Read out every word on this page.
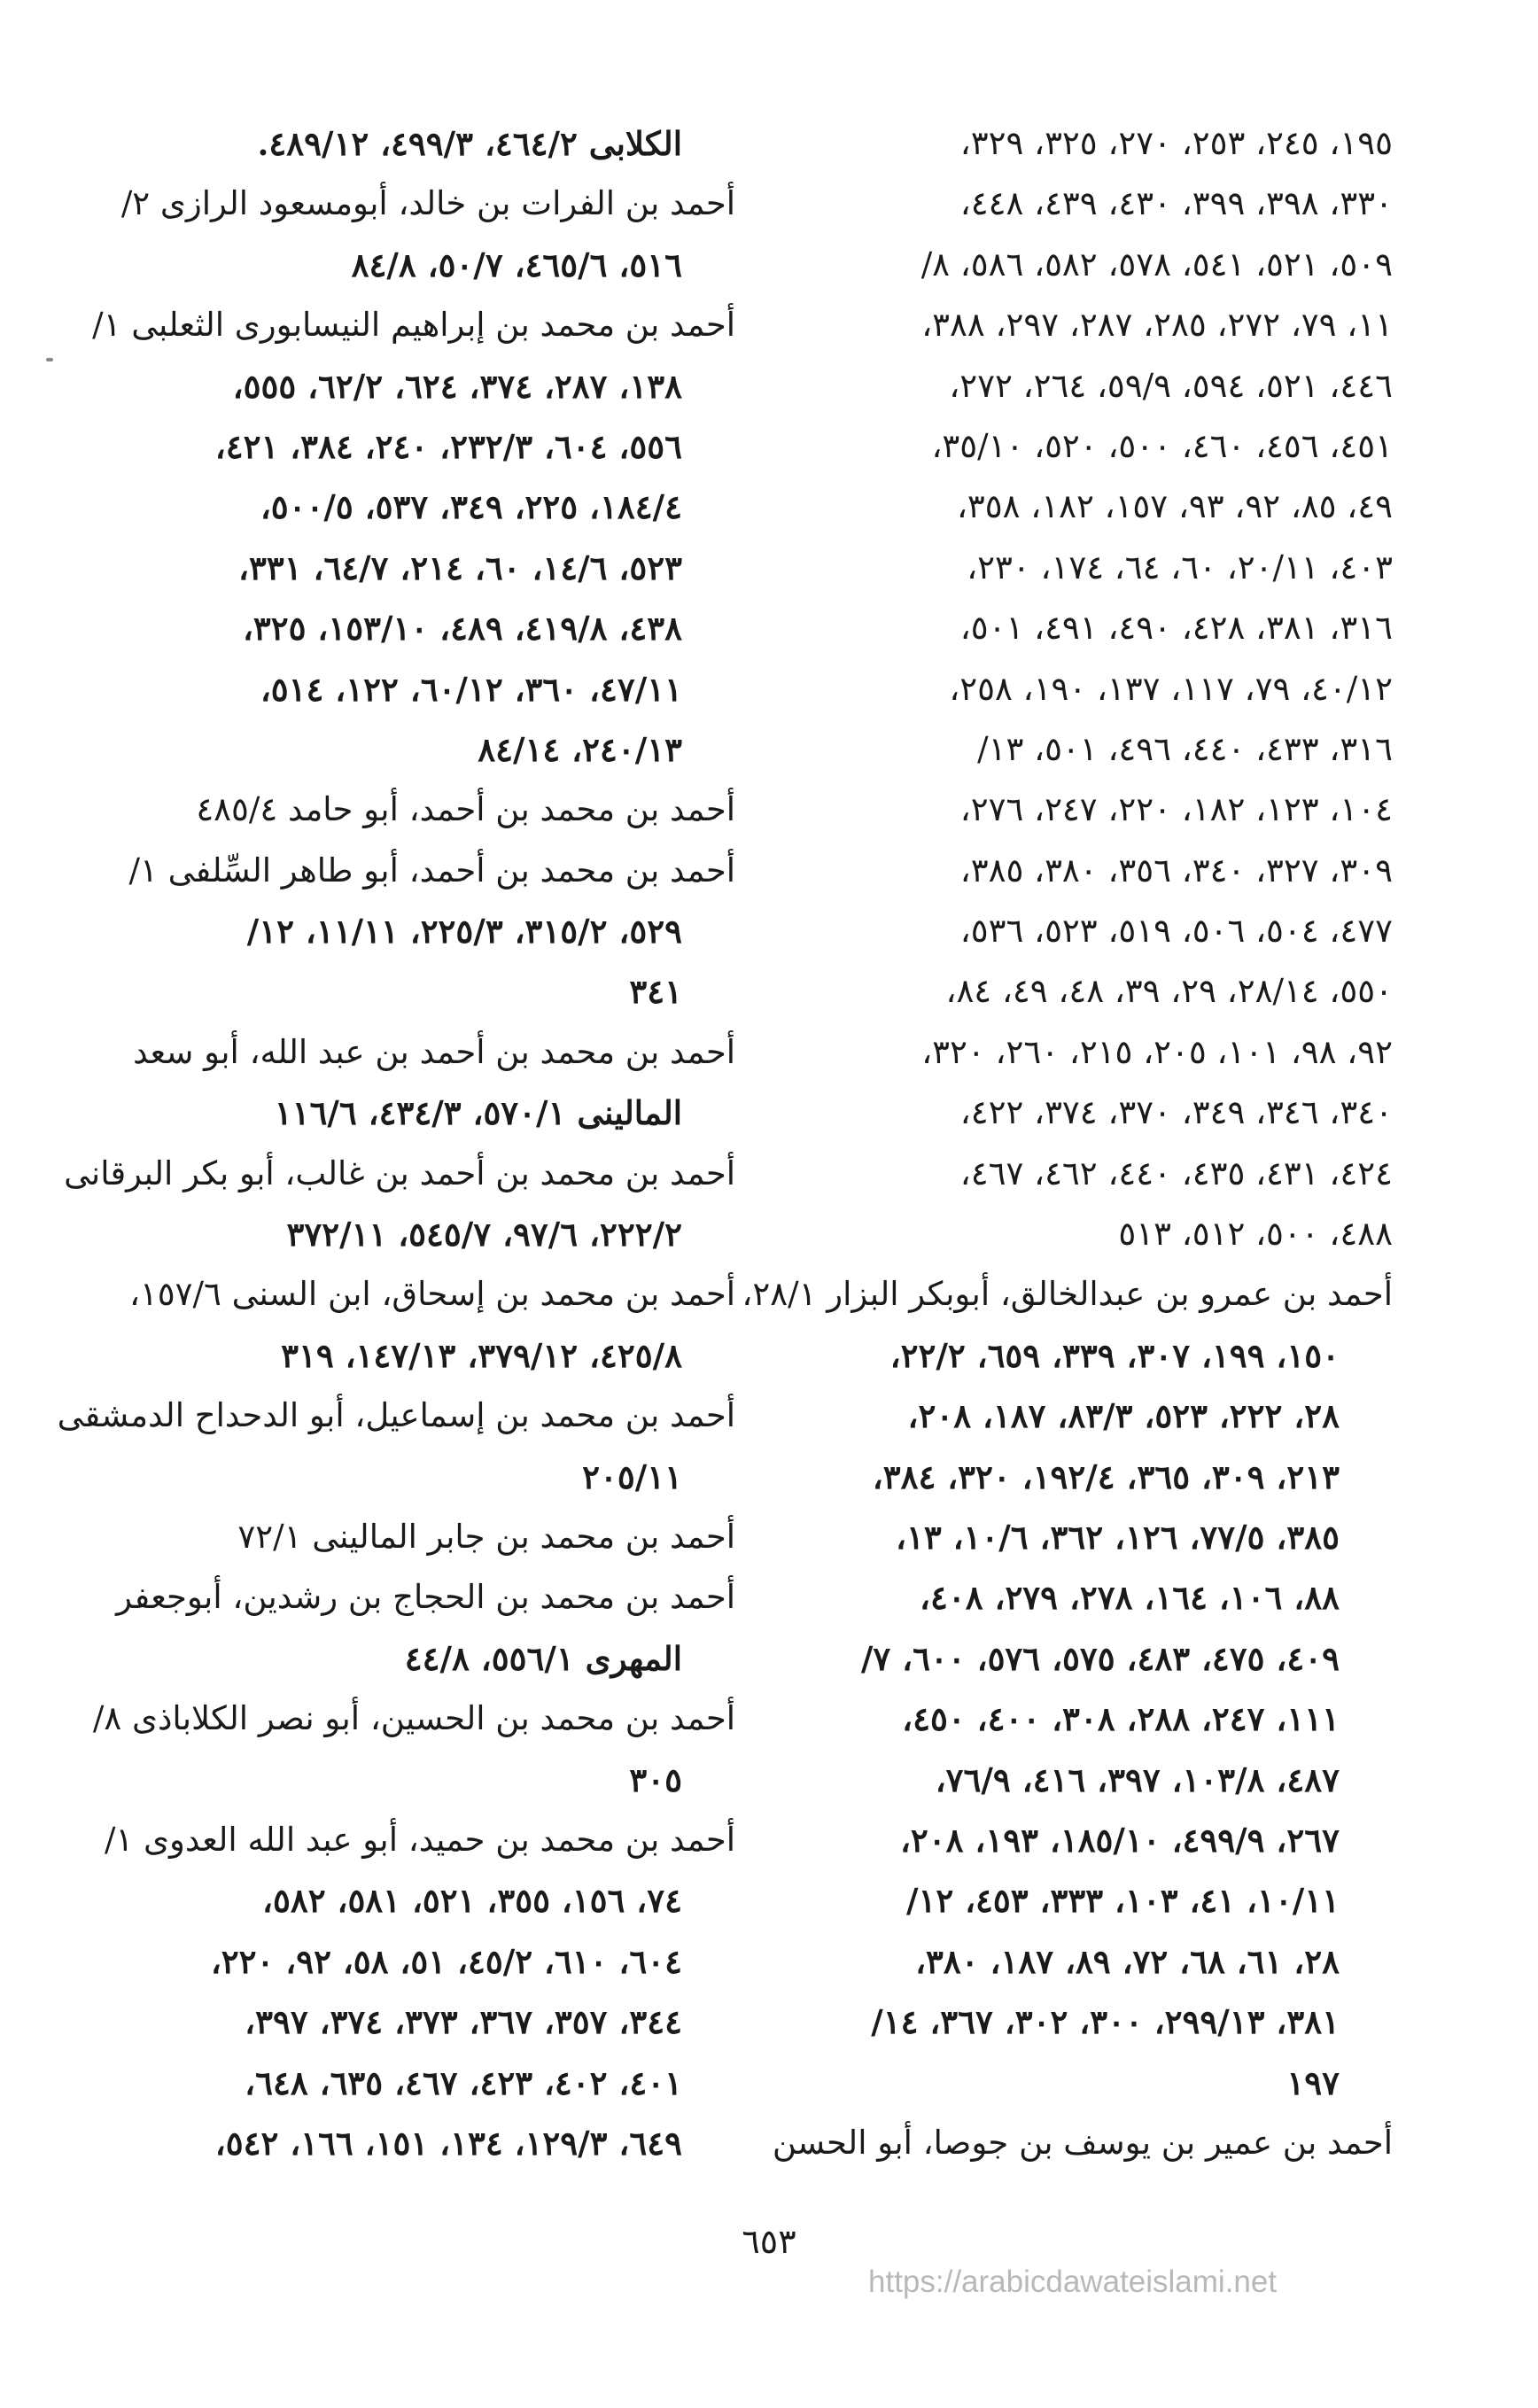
١٩٥، ٢٤٥، ٢٥٣، ٢٧٠، ٣٢٥، ٣٢٩،
٣٣٠، ٣٩٨، ٣٩٩، ٤٣٠، ٤٣٩، ٤٤٨،
٥٠٩، ٥٢١، ٥٤١، ٥٧٨، ٥٨٢، ٥٨٦، ٨/
١١، ٧٩، ٢٧٢، ٢٨٥، ٢٨٧، ٢٩٧، ٣٨٨،
٤٤٦، ٥٢١، ٥٩٤، ٥٩/٩، ٢٦٤، ٢٧٢،
٤٥١، ٤٥٦، ٤٦٠، ٥٠٠، ٥٢٠، ٣٥/١٠،
٤٩، ٨٥، ٩٢، ٩٣، ١٥٧، ١٨٢، ٣٥٨،
٤٠٣، ٢٠/١١، ٦٠، ٦٤، ١٧٤، ٢٣٠،
٣١٦، ٣٨١، ٤٢٨، ٤٩٠، ٤٩١، ٥٠١،
٤٠/١٢، ٧٩، ١١٧، ١٣٧، ١٩٠، ٢٥٨،
٣١٦، ٤٣٣، ٤٤٠، ٤٩٦، ٥٠١، ١٣/
١٠٤، ١٢٣، ١٨٢، ٢٢٠، ٢٤٧، ٢٧٦،
٣٠٩، ٣٢٧، ٣٤٠، ٣٥٦، ٣٨٠، ٣٨٥،
٤٧٧، ٥٠٤، ٥٠٦، ٥١٩، ٥٢٣، ٥٣٦،
٥٥٠، ٢٨/١٤، ٢٩، ٣٩، ٤٨، ٤٩، ٨٤،
٩٢، ٩٨، ١٠١، ٢٠٥، ٢١٥، ٢٦٠، ٣٢٠،
٣٤٠، ٣٤٦، ٣٤٩، ٣٧٠، ٣٧٤، ٤٢٢،
٤٢٤، ٤٣١، ٤٣٥، ٤٤٠، ٤٦٢، ٤٦٧،
٤٨٨، ٥٠٠، ٥١٢، ٥١٣
أحمد بن عمرو بن عبدالخالق، أبوبكر البزار ٢٨/١،
١٥٠، ١٩٩، ٣٠٧، ٣٣٩، ٦٥٩، ٢٢/٢،
٢٨، ٢٢٢، ٥٢٣، ٨٣/٣، ١٨٧، ٢٠٨،
٢١٣، ٣٠٩، ٣٦٥، ١٩٢/٤، ٣٢٠، ٣٨٤،
٣٨٥، ٧٧/٥، ١٢٦، ٣٦٢، ١٠/٦، ١٣،
٨٨، ١٠٦، ١٦٤، ٢٧٨، ٢٧٩، ٤٠٨،
٤٠٩، ٤٧٥، ٤٨٣، ٥٧٥، ٥٧٦، ٦٠٠، ٧/
١١١، ٢٤٧، ٢٨٨، ٣٠٨، ٤٠٠، ٤٥٠،
٤٨٧، ١٠٣/٨، ٣٩٧، ٤١٦، ٧٦/٩،
٢٦٧، ٤٩٩/٩، ١٨٥/١٠، ١٩٣، ٢٠٨،
١٠/١١، ٤١، ١٠٣، ٣٣٣، ٤٥٣، ١٢/
٢٨، ٦١، ٦٨، ٧٢، ٨٩، ١٨٧، ٣٨٠،
٣٨١، ٢٩٩/١٣، ٣٠٠، ٣٠٢، ٣٦٧، ١٤/
١٩٧
أحمد بن عمير بن يوسف بن جوصا، أبو الحسن
الكلابى ٤٦٤/٢، ٤٩٩/٣، ٤٨٩/١٢.
أحمد بن الفرات بن خالد، أبومسعود الرازى ٢/
٥١٦، ٤٦٥/٦، ٥٠/٧، ٨٤/٨
أحمد بن محمد بن إبراهيم النيسابورى الثعلبى ١/
١٣٨، ٢٨٧، ٣٧٤، ٦٢٤، ٦٢/٢، ٥٥٥،
٥٥٦، ٦٠٤، ٢٣٢/٣، ٢٤٠، ٣٨٤، ٤٢١،
١٨٤/٤، ٢٢٥، ٣٤٩، ٥٣٧، ٥٠٠/٥،
٥٢٣، ١٤/٦، ٦٠، ٢١٤، ٦٤/٧، ٣٣١،
٤٣٨، ٤١٩/٨، ٤٨٩، ١٥٣/١٠، ٣٢٥،
٤٧/١١، ٣٦٠، ٦٠/١٢، ١٢٢، ٥١٤،
٢٤٠/١٣، ٨٤/١٤
أحمد بن محمد بن أحمد، أبو حامد ٤٨٥/٤
أحمد بن محمد بن أحمد، أبو طاهر السِّلفى ١/
٥٢٩، ٣١٥/٢، ٢٢٥/٣، ١١/١١، ١٢/
٣٤١
أحمد بن محمد بن أحمد بن عبد الله، أبو سعد
المالينى ٥٧٠/١، ٤٣٤/٣، ١١٦/٦
أحمد بن محمد بن أحمد بن غالب، أبو بكر البرقانى
٢٢٢/٢، ٩٧/٦، ٥٤٥/٧، ٣٧٢/١١
أحمد بن محمد بن إسحاق، ابن السنى ١٥٧/٦،
٤٢٥/٨، ٣٧٩/١٢، ١٤٧/١٣، ٣١٩
أحمد بن محمد بن إسماعيل، أبو الدحداح الدمشقى
٢٠٥/١١
أحمد بن محمد بن جابر المالينى ٧٢/١
أحمد بن محمد بن الحجاج بن رشدين، أبوجعفر
المهرى ٥٥٦/١، ٤٤/٨
أحمد بن محمد بن الحسين، أبو نصر الكلاباذى ٨/
٣٠٥
أحمد بن محمد بن حميد، أبو عبد الله العدوى ١/
٧٤، ١٥٦، ٣٥٥، ٥٢١، ٥٨١، ٥٨٢،
٦٠٤، ٦١٠، ٤٥/٢، ٥١، ٥٨، ٩٢، ٢٢٠،
٣٤٤، ٣٥٧، ٣٦٧، ٣٧٣، ٣٧٤، ٣٩٧،
٤٠١، ٤٠٢، ٤٢٣، ٤٦٧، ٦٣٥، ٦٤٨،
٦٤٩، ١٢٩/٣، ١٣٤، ١٥١، ١٦٦، ٥٤٢،
٦٥٣
https://arabicdawateislami.net
